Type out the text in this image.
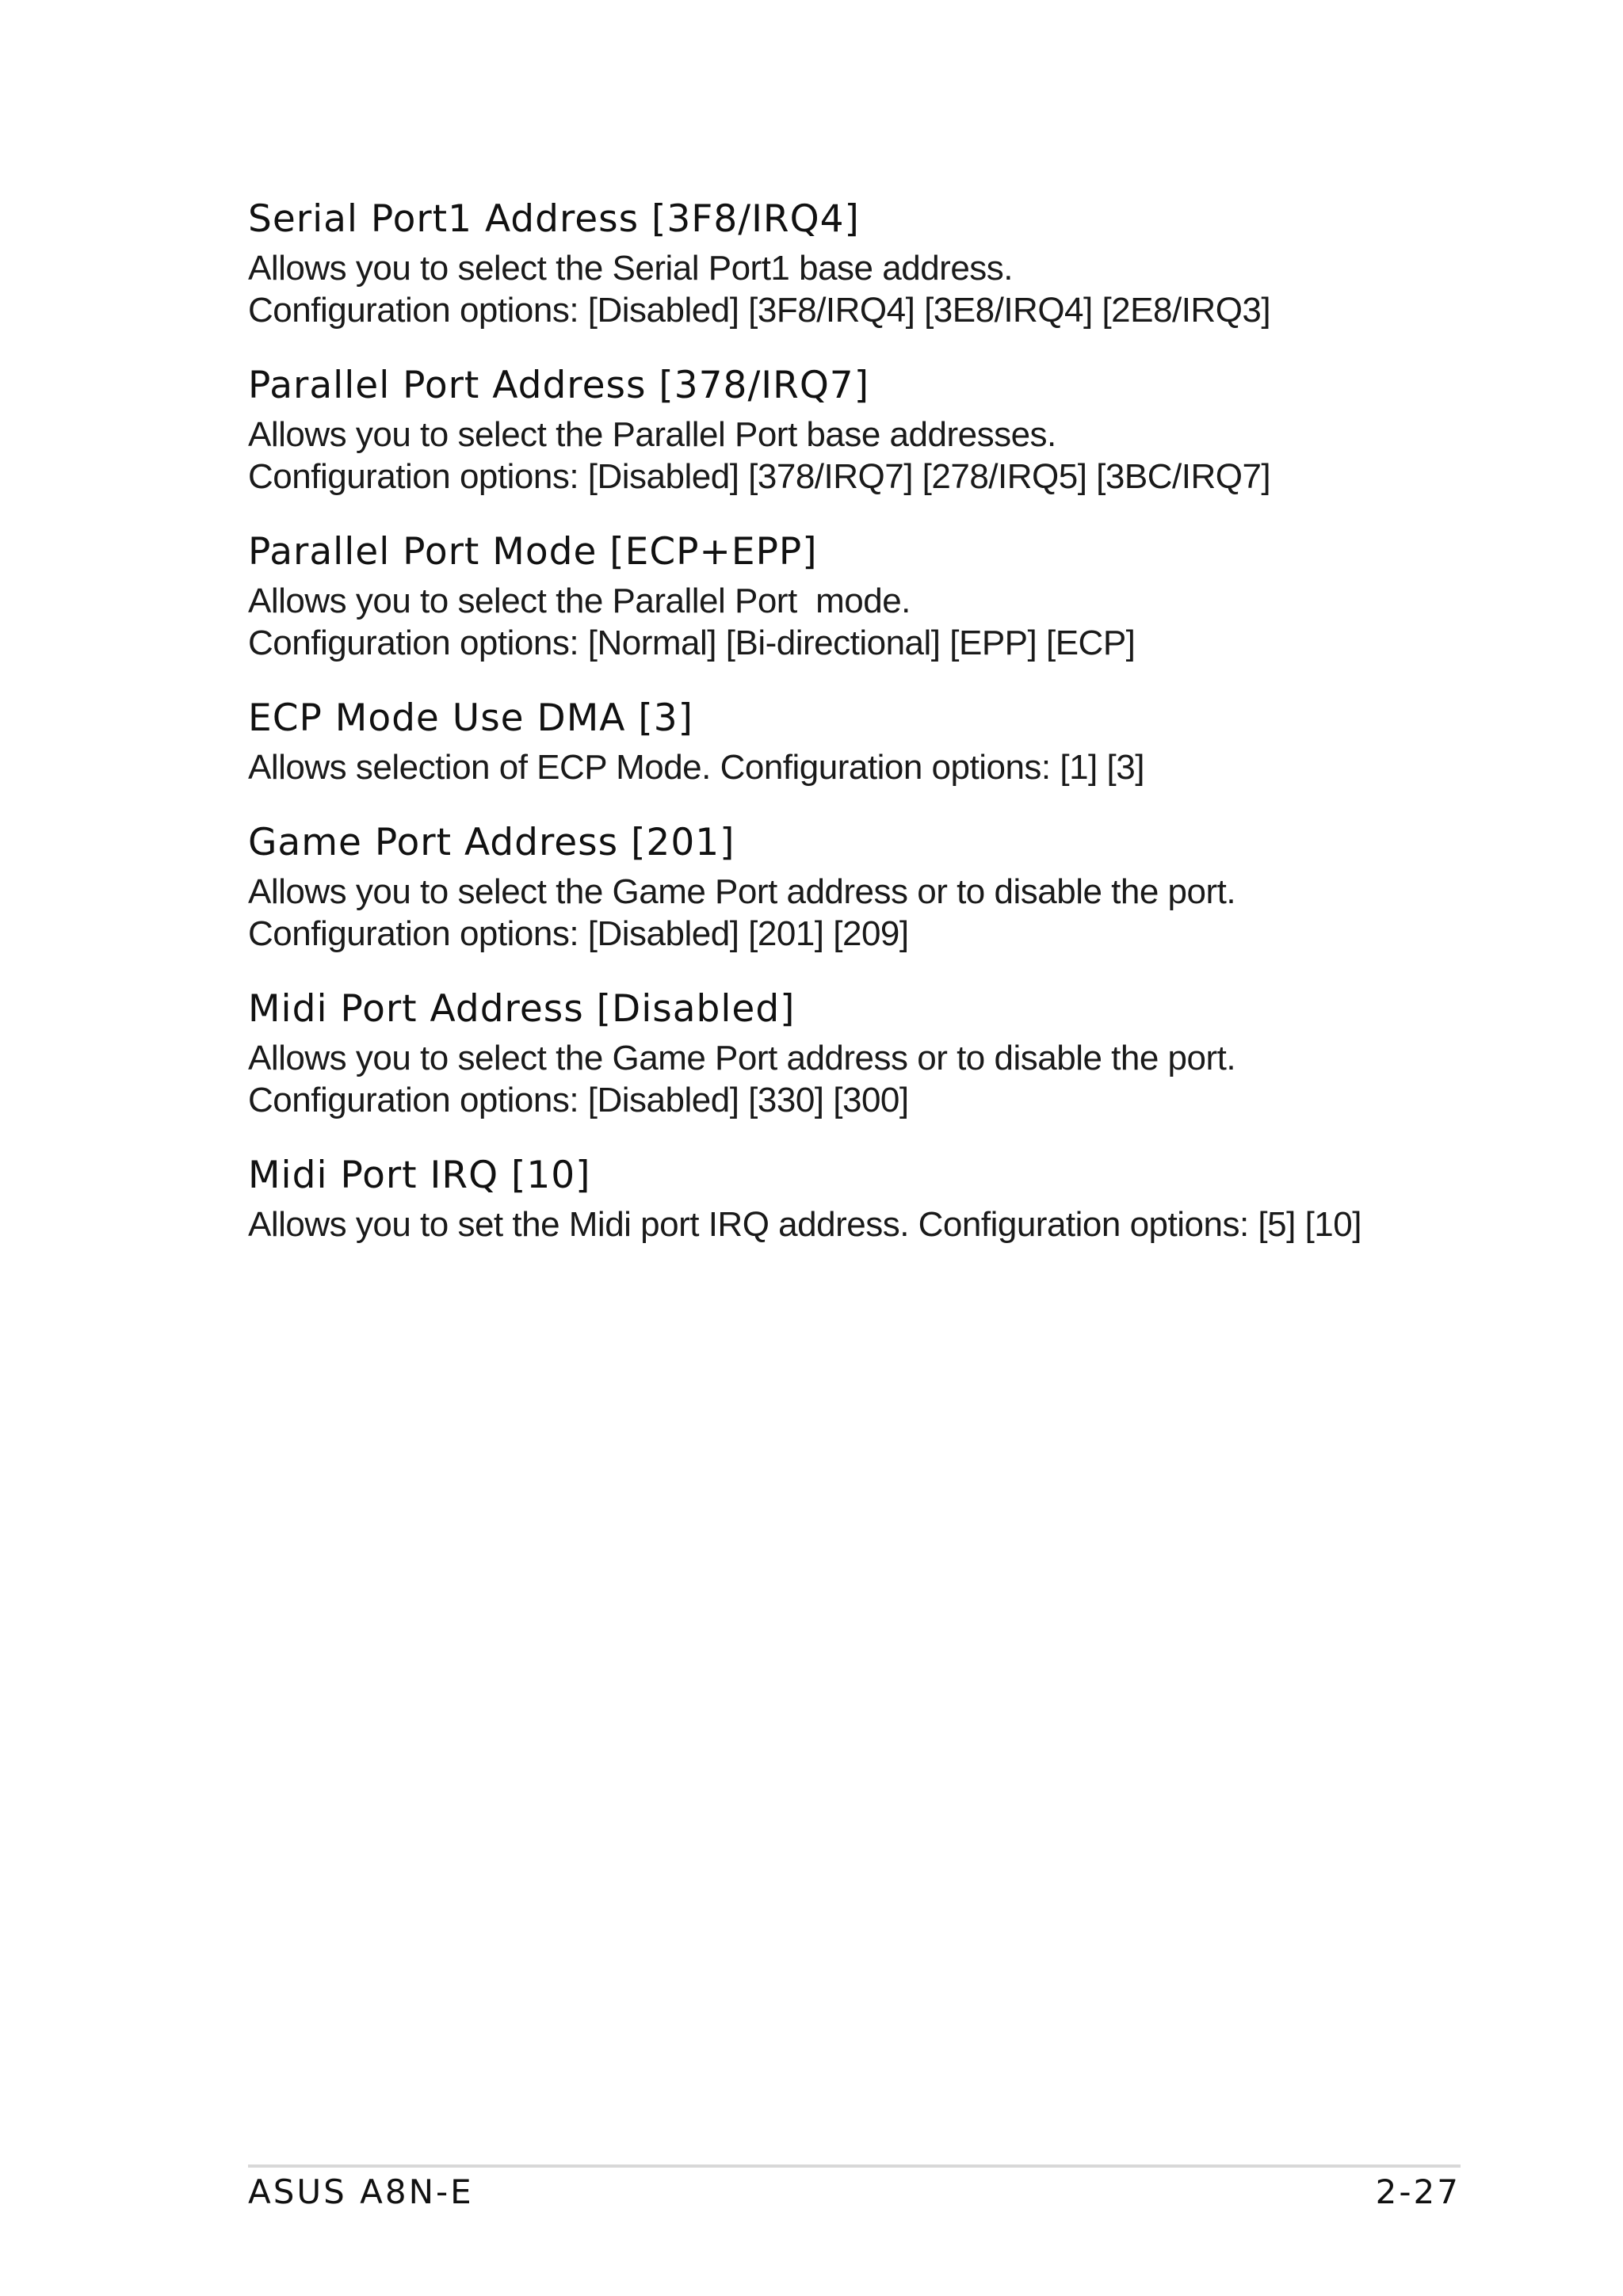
Serial Port1 Address [3F8/IRQ4]

Allows you to select the Serial Port1 base address.

Configuration options: [Disabled] [3F8/IRQ4] [3E8/IRQ4] [2E8/IRQ3]

Parallel Port Address [378/IRQ7]

Allows you to select the Parallel Port base addresses.

Configuration options: [Disabled] [378/IRQ7] [278/IRQ5] [3BC/IRQ7]

Parallel Port Mode [ECP+EPP]

Allows you to select the Parallel Port  mode.

Configuration options: [Normal] [Bi-directional] [EPP] [ECP]

ECP Mode Use DMA [3]

Allows selection of ECP Mode. Configuration options: [1] [3]

Game Port Address [201]

Allows you to select the Game Port address or to disable the port.

Configuration options: [Disabled] [201] [209]

Midi Port Address [Disabled]

Allows you to select the Game Port address or to disable the port.

Configuration options: [Disabled] [330] [300]

Midi Port IRQ [10]

Allows you to set the Midi port IRQ address. Configuration options: [5] [10]

ASUS A8N-E	2-27
